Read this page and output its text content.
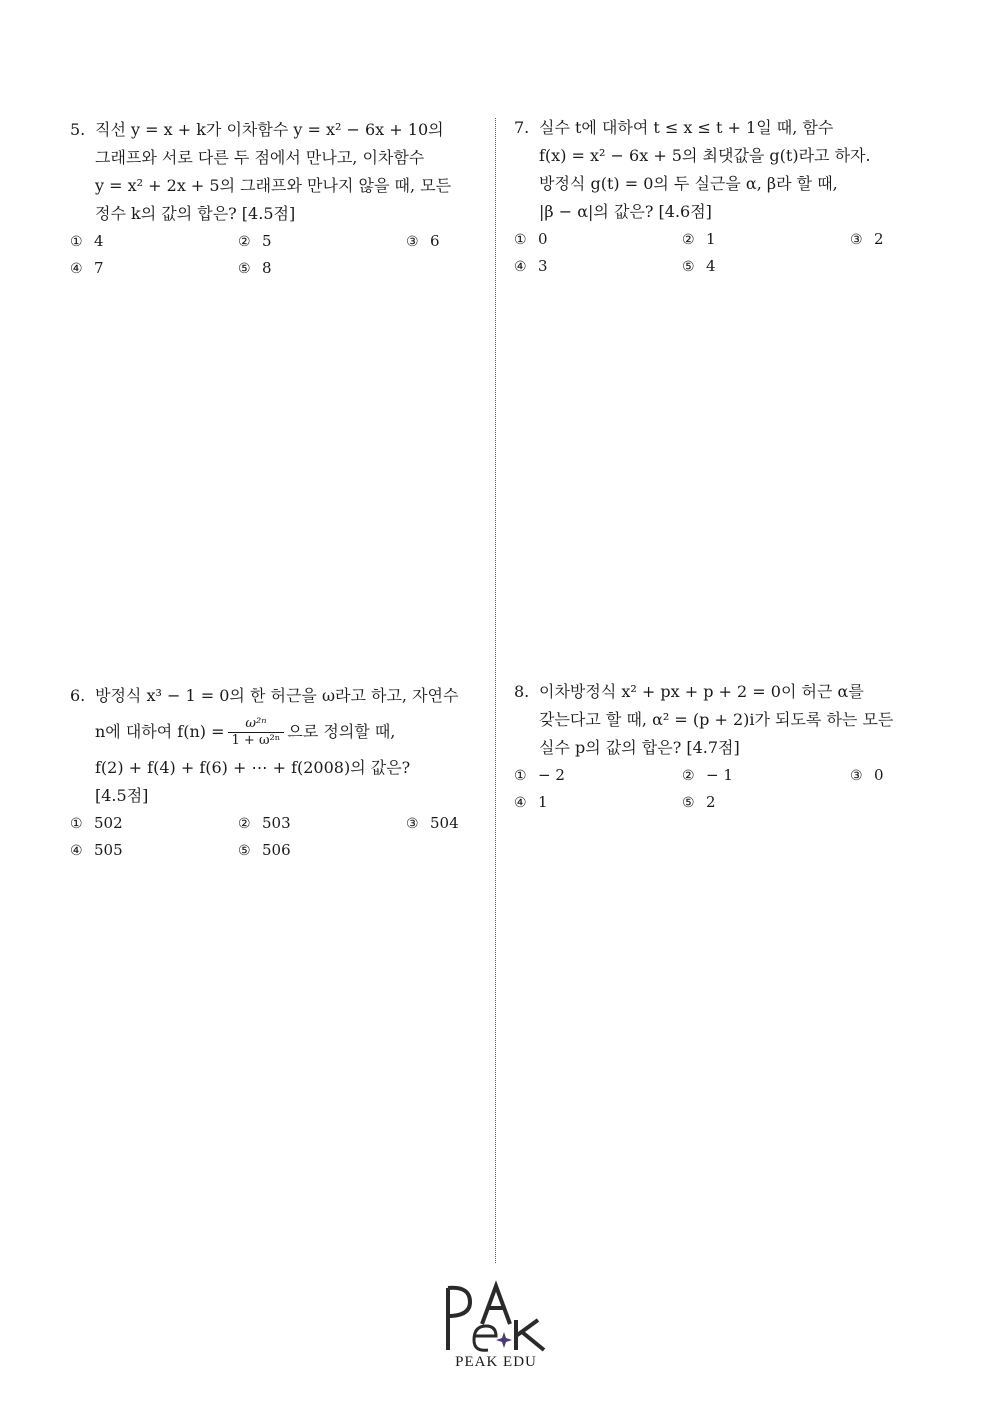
5. 직선 y = x + k가 이차함수 y = x² − 6x + 10의
그래프와 서로 다른 두 점에서 만나고, 이차함수
y = x² + 2x + 5의 그래프와 만나지 않을 때, 모든
정수 k의 값의 합은? [4.5점]
① 4	② 5	③ 6
④ 7	⑤ 8
6. 방정식 x³ − 1 = 0의 한 허근을 ω라고 하고, 자연수
n에 대하여 $f(n) = \frac{\text{ω²ⁿ}}{\text{1 + ω²ⁿ}}$ 으로 정의할 때,
f(2) + f(4) + f(6) + ⋯ + f(2008)의 값은?
[4.5점]
① 502	② 503	③ 504
④ 505	⑤ 506
7. 실수 t에 대하여 t ≤ x ≤ t + 1일 때, 함수
f(x) = x² − 6x + 5의 최댓값을 g(t)라고 하자.
방정식 g(t) = 0의 두 실근을 α, β라 할 때,
|β − α|의 값은? [4.6점]
① 0	② 1	③ 2
④ 3	⑤ 4
8. 이차방정식 x² + px + p + 2 = 0이 허근 α를
갖는다고 할 때, α² = (p + 2)i가 되도록 하는 모든
실수 p의 값의 합은? [4.7점]
① − 2	② − 1	③ 0
④ 1	⑤ 2
PEAK EDU
